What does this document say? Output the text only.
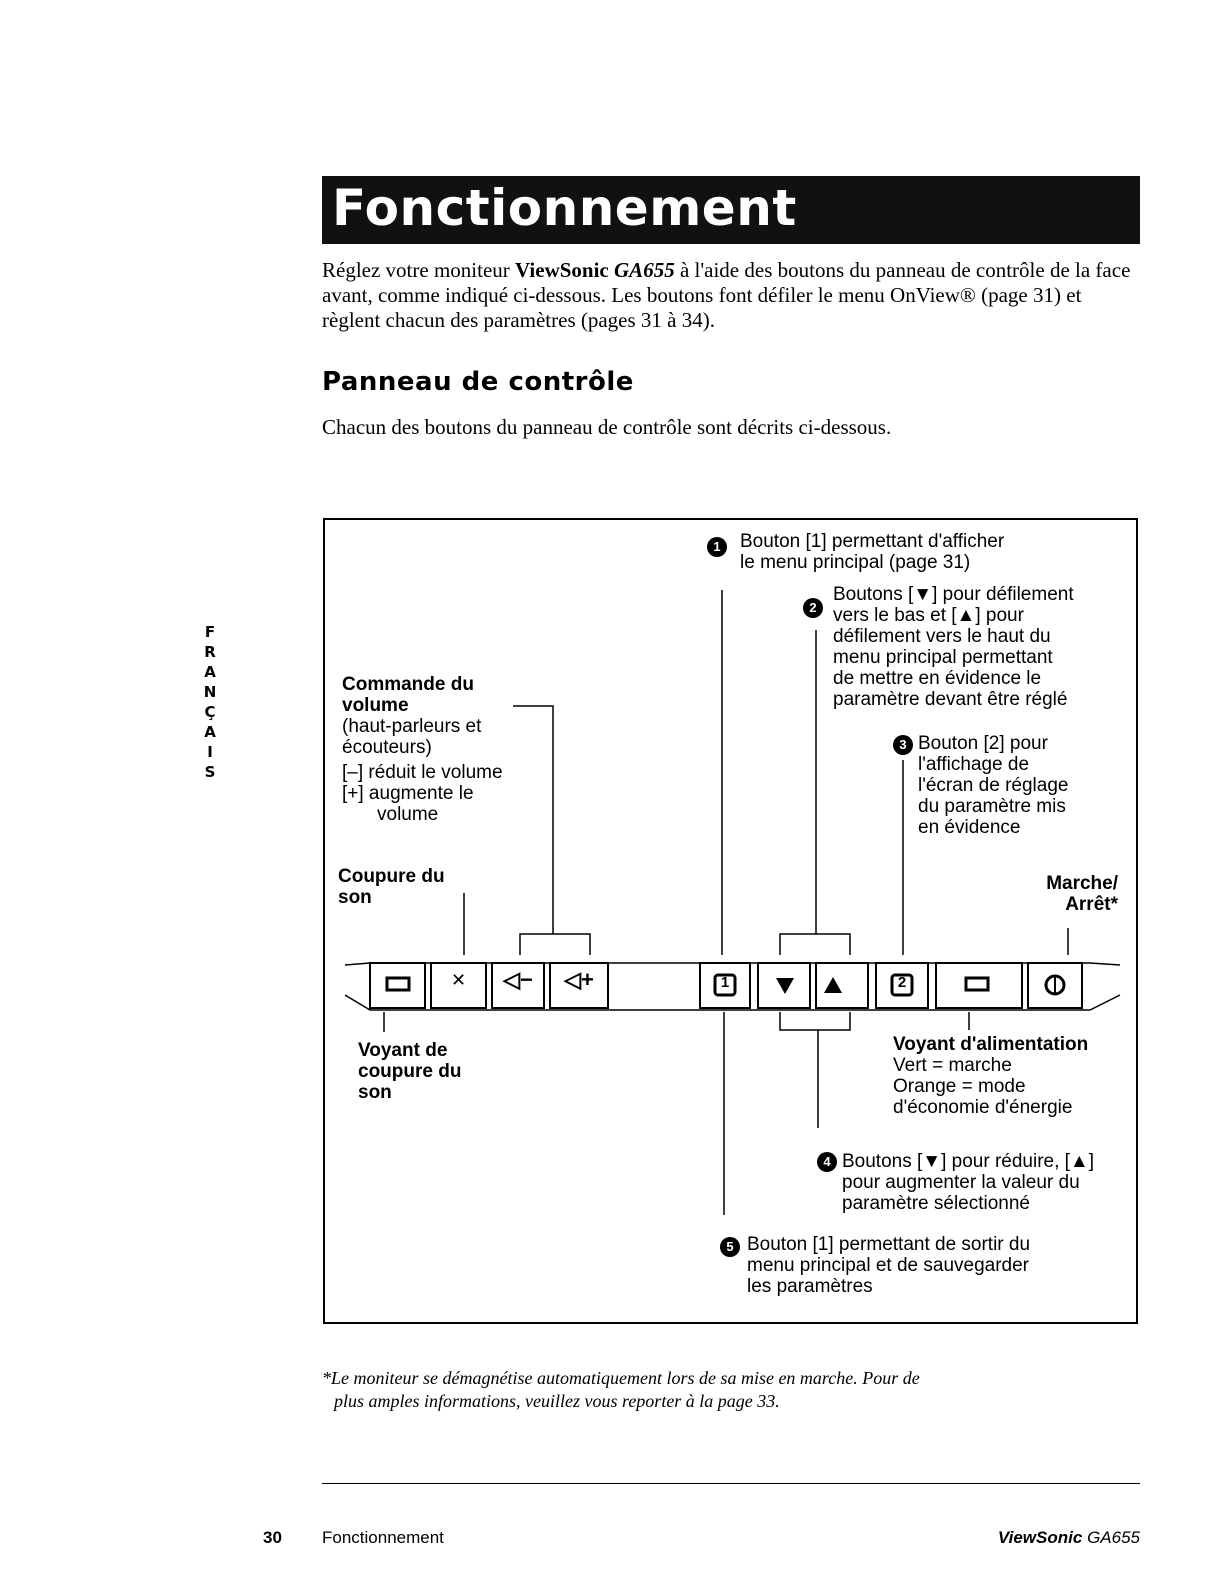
Fonctionnement

Réglez votre moniteur ViewSonic GA655 à l'aide des boutons du panneau de contrôle de la face avant, comme indiqué ci-dessous. Les boutons font défiler le menu OnView® (page 31) et règlent chacun des paramètres (pages 31 à 34).

Panneau de contrôle
Chacun des boutons du panneau de contrôle sont décrits ci-dessous.
F
R
A
N
Ç
A
I
S
✕	◁−	◁+	1	2
1	Bouton [1] permettant d'afficher
le menu principal (page 31)
2
Boutons [▼] pour défilement
vers le bas et [▲] pour
défilement vers le haut du
menu principal permettant
de mettre en évidence le
paramètre devant être réglé
3 Bouton [2] pour
l'affichage de
l'écran de réglage
du paramètre mis
en évidence
Commande du
volume
(haut-parleurs et
écouteurs)
[–] réduit le volume
[+] augmente le
volume
Coupure du
son
Marche/
Arrêt*
Voyant de
coupure du
son
Voyant d'alimentation
Vert = marche
Orange = mode
d'économie d'énergie
4 Boutons [▼] pour réduire, [▲]
pour augmenter la valeur du
paramètre sélectionné
5 Bouton [1] permettant de sortir du
menu principal et de sauvegarder
les paramètres
*Le moniteur se démagnétise automatiquement lors de sa mise en marche. Pour de
plus amples informations, veuillez vous reporter à la page 33.
30 Fonctionnement	ViewSonic GA655
